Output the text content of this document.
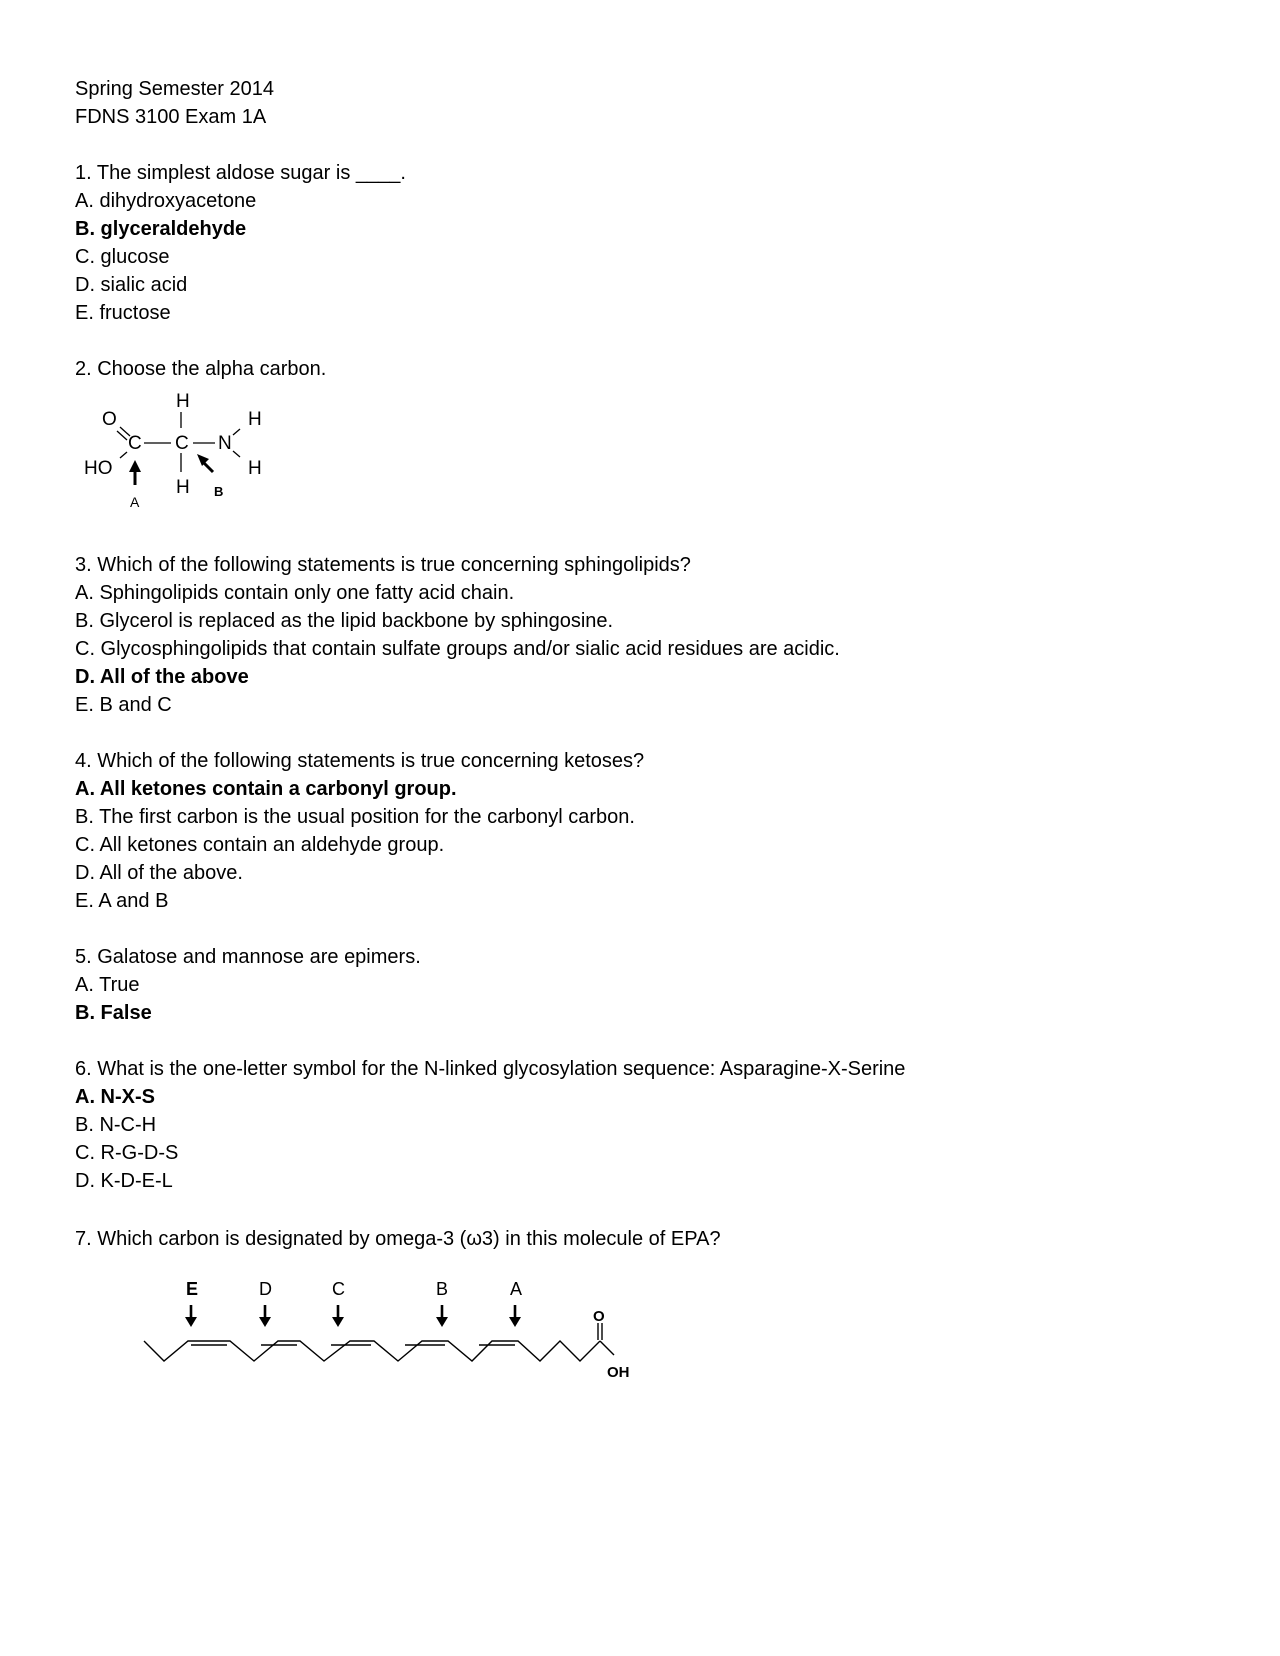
Spring Semester 2014
FDNS 3100 Exam 1A
1. The simplest aldose sugar is ____.
A. dihydroxyacetone
B. glyceraldehyde
C. glucose
D. sialic acid
E. fructose
2. Choose the alpha carbon.
O
HO
C C N
H
H
H
H
A
B
3. Which of the following statements is true concerning sphingolipids?
A. Sphingolipids contain only one fatty acid chain.
B. Glycerol is replaced as the lipid backbone by sphingosine.
C. Glycosphingolipids that contain sulfate groups and/or sialic acid residues are acidic.
D. All of the above
E. B and C
4. Which of the following statements is true concerning ketoses?
A. All ketones contain a carbonyl group.
B. The first carbon is the usual position for the carbonyl carbon.
C. All ketones contain an aldehyde group.
D. All of the above.
E. A and B
5. Galatose and mannose are epimers.
A. True
B. False
6. What is the one-letter symbol for the N-linked glycosylation sequence: Asparagine-X-Serine
A. N-X-S
B. N-C-H
C. R-G-D-S
D. K-D-E-L
7. Which carbon is designated by omega-3 (ω3) in this molecule of EPA?
E	D	C	B	A
O
OH
